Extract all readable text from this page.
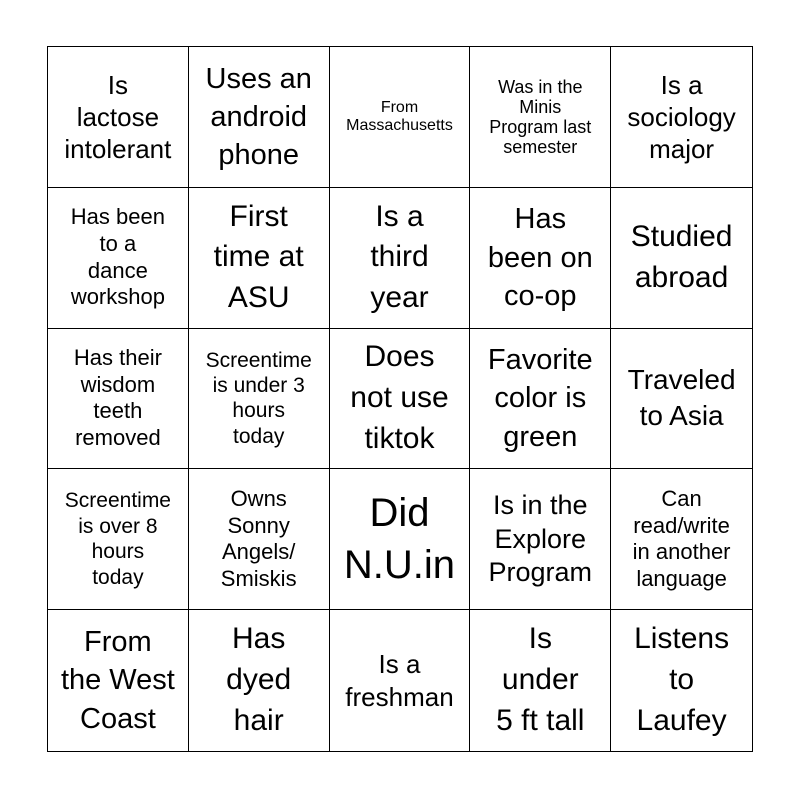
Is
lactose
intolerant
Uses an
android
phone
From
Massachusetts
Was in the
Minis
Program last
semester
Is a
sociology
major
Has been
to a
dance
workshop
First
time at
ASU
Is a
third
year
Has
been on
co-op
Studied
abroad
Has their
wisdom
teeth
removed
Screentime
is under 3
hours
today
Does
not use
tiktok
Favorite
color is
green
Traveled
to Asia
Screentime
is over 8
hours
today
Owns
Sonny
Angels/
Smiskis
Did
N.U.in
Is in the
Explore
Program
Can
read/write
in another
language
From
the West
Coast
Has
dyed
hair
Is a
freshman
Is
under
5 ft tall
Listens
to
Laufey
